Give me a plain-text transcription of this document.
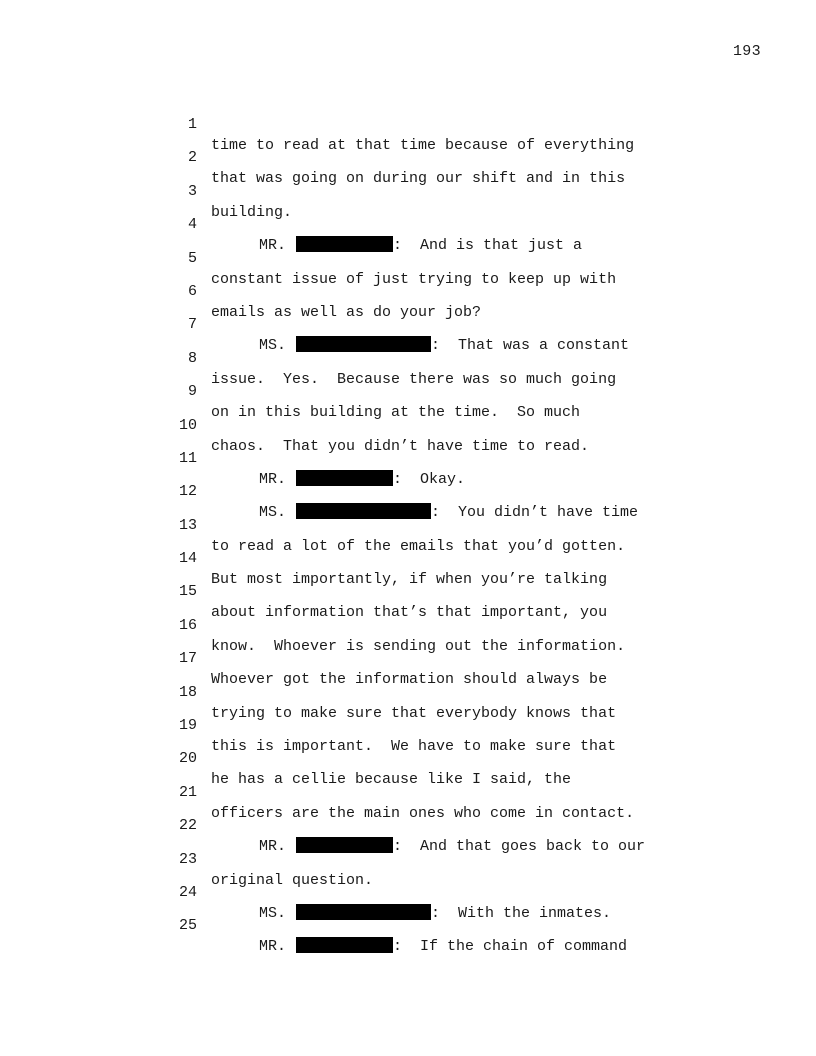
193

1

time to read at that time because of everything

2

that was going on during our shift and in this

3

building.

4

MR.	:  And is that just a

5

constant issue of just trying to keep up with

6

emails as well as do your job?

7

MS.	:  That was a constant

8

issue.  Yes.  Because there was so much going

9

on in this building at the time.  So much

10

chaos.  That you didn’t have time to read.

11

MR.	:  Okay.

12

MS.	:  You didn’t have time

13

to read a lot of the emails that you’d gotten.

14

But most importantly, if when you’re talking

15

about information that’s that important, you

16

know.  Whoever is sending out the information.

17

Whoever got the information should always be

18

trying to make sure that everybody knows that

19

this is important.  We have to make sure that

20

he has a cellie because like I said, the

21

officers are the main ones who come in contact.

22

MR.	:  And that goes back to our

23

original question.

24

MS.	:  With the inmates.

25

MR.	:  If the chain of command
